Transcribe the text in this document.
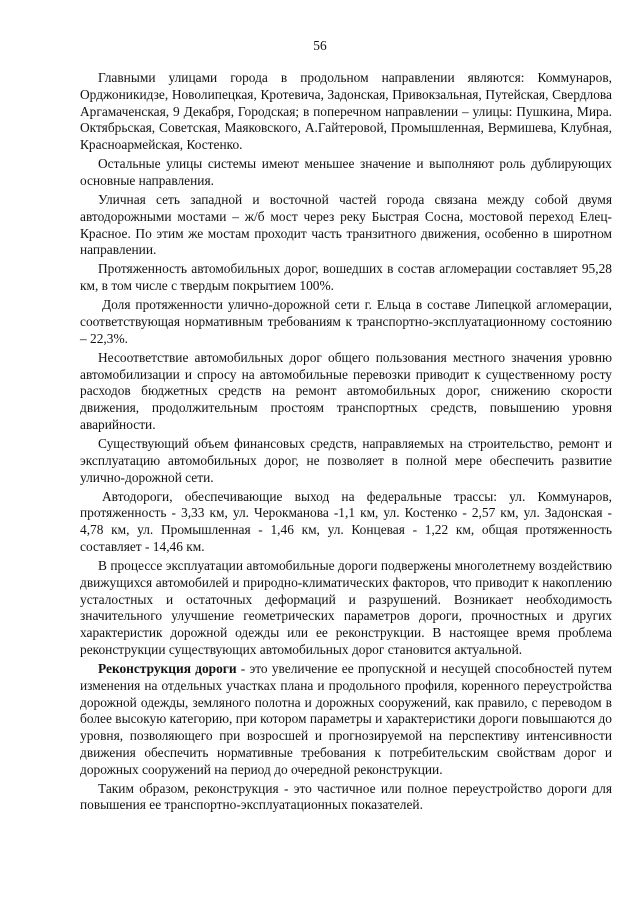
56

Главными улицами города в продольном направлении являются: Коммунаров, Орджоникидзе, Новолипецкая, Кротевича, Задонская, Привокзальная, Путейская, Свердлова Аргамаченская, 9 Декабря, Городская; в поперечном направлении – улицы: Пушкина, Мира. Октябрьская, Советская, Маяковского, А.Гайтеровой, Промышленная, Вермишева, Клубная, Красноармейская, Костенко.

Остальные улицы системы имеют меньшее значение и выполняют роль дублирующих основные направления.

Уличная сеть западной и восточной частей города связана между собой двумя автодорожными мостами – ж/б мост через реку Быстрая Сосна, мостовой переход Елец-Красное. По этим же мостам проходит часть транзитного движения, особенно в широтном направлении.

Протяженность автомобильных дорог, вошедших в состав агломерации составляет 95,28 км, в том числе с твердым покрытием 100%.

Доля протяженности улично-дорожной сети г. Ельца в составе Липецкой агломерации, соответствующая нормативным требованиям к транспортно-эксплуатационному состоянию – 22,3%.

Несоответствие автомобильных дорог общего пользования местного значения уровню автомобилизации и спросу на автомобильные перевозки приводит к существенному росту расходов бюджетных средств на ремонт автомобильных дорог, снижению скорости движения, продолжительным простоям транспортных средств, повышению уровня аварийности.

Существующий объем финансовых средств, направляемых на строительство, ремонт и эксплуатацию автомобильных дорог, не позволяет в полной мере обеспечить развитие улично-дорожной сети.

Автодороги, обеспечивающие выход на федеральные трассы: ул. Коммунаров, протяженность - 3,33 км, ул. Черокманова -1,1 км, ул. Костенко - 2,57 км, ул. Задонская - 4,78 км, ул. Промышленная - 1,46 км, ул. Концевая - 1,22 км, общая протяженность составляет - 14,46 км.

В процессе эксплуатации автомобильные дороги подвержены многолетнему воздействию движущихся автомобилей и природно-климатических факторов, что приводит к накоплению усталостных и остаточных деформаций и разрушений. Возникает необходимость значительного улучшение геометрических параметров дороги, прочностных и других характеристик дорожной одежды или ее реконструкции. В настоящее время проблема реконструкции существующих автомобильных дорог становится актуальной.

Реконструкция дороги - это увеличение ее пропускной и несущей способностей путем изменения на отдельных участках плана и продольного профиля, коренного переустройства дорожной одежды, земляного полотна и дорожных сооружений, как правило, с переводом в более высокую категорию, при котором параметры и характеристики дороги повышаются до уровня, позволяющего при возросшей и прогнозируемой на перспективу интенсивности движения обеспечить нормативные требования к потребительским свойствам дорог и дорожных сооружений на период до очередной реконструкции.

Таким образом, реконструкция - это частичное или полное переустройство дороги для повышения ее транспортно-эксплуатационных показателей.
